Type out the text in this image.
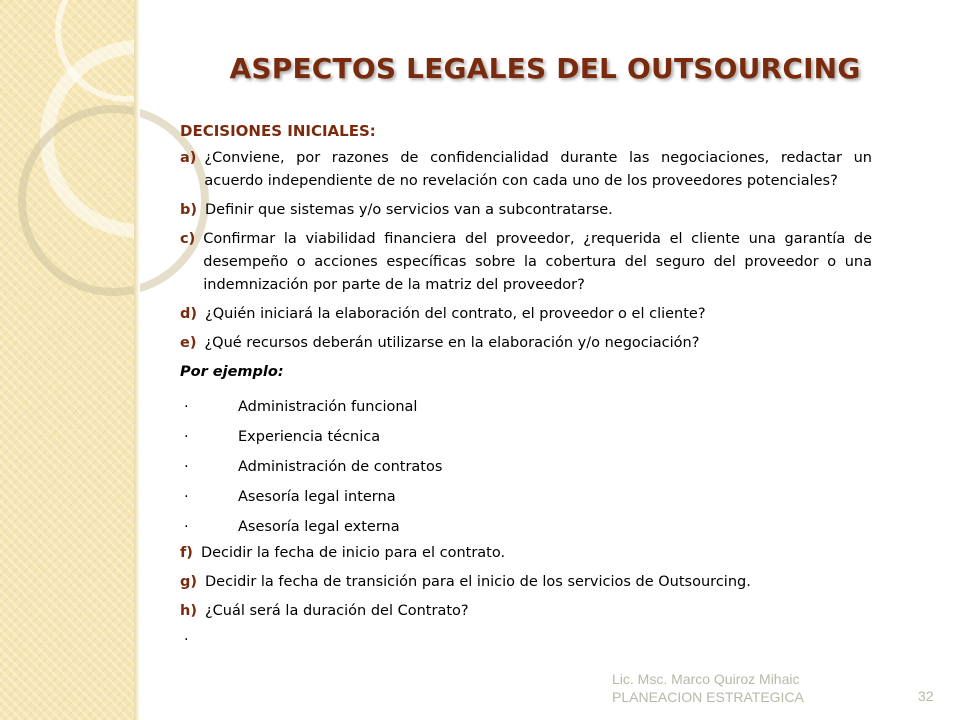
ASPECTOS LEGALES DEL OUTSOURCING
DECISIONES INICIALES:
a) ¿Conviene, por razones de confidencialidad durante las negociaciones, redactar un acuerdo independiente de no revelación con cada uno de los proveedores potenciales?
b) Definir que sistemas y/o servicios van a subcontratarse.
c) Confirmar la viabilidad financiera del proveedor, ¿requerida el cliente una garantía de desempeño o acciones específicas sobre la cobertura del seguro del proveedor o una indemnización por parte de la matriz del proveedor?
d) ¿Quién iniciará la elaboración del contrato, el proveedor o el cliente?
e) ¿Qué recursos deberán utilizarse en la elaboración y/o negociación?
Por ejemplo:
·	Administración funcional
·	Experiencia técnica
·	Administración de contratos
·	Asesoría legal interna
·	Asesoría legal externa
f) Decidir la fecha de inicio para el contrato.
g) Decidir la fecha de transición para el inicio de los servicios de Outsourcing.
h) ¿Cuál será la duración del Contrato?
·
Lic. Msc. Marco Quiroz Mihaic
PLANEACION ESTRATEGICA	32
